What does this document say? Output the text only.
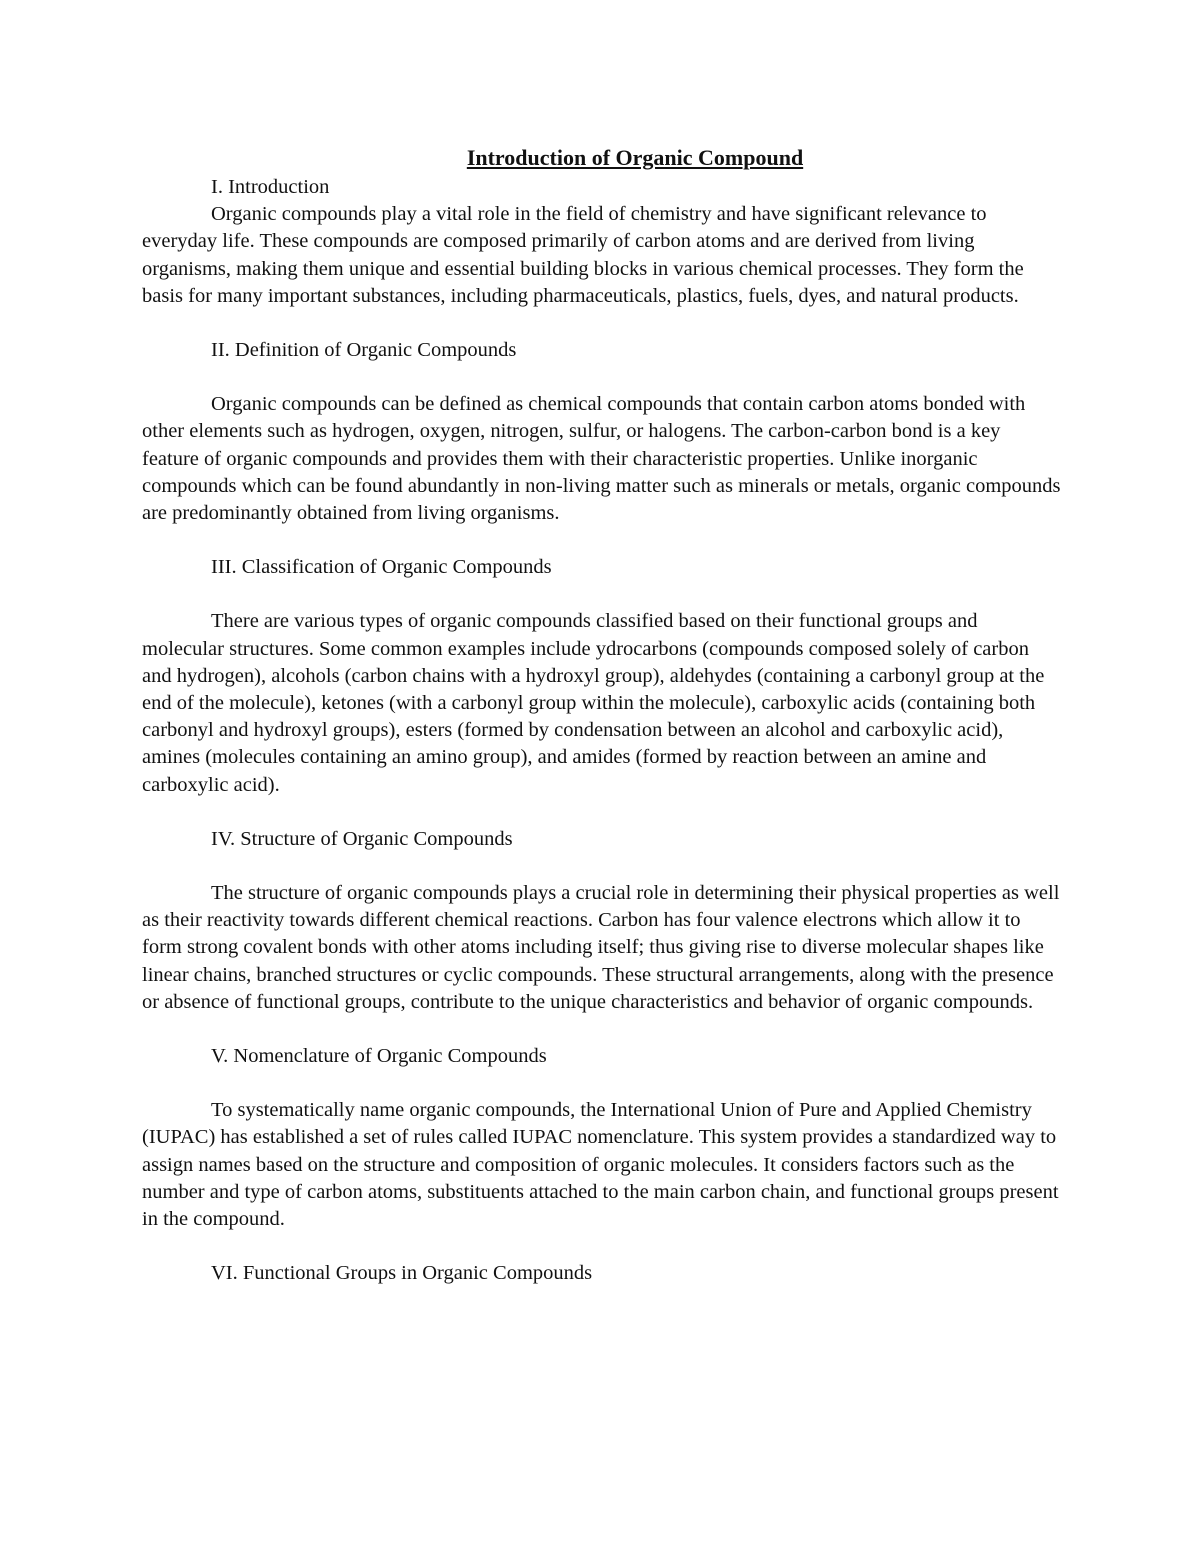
Introduction of Organic Compound

I. Introduction

Organic compounds play a vital role in the field of chemistry and have significant relevance to everyday life. These compounds are composed primarily of carbon atoms and are derived from living organisms, making them unique and essential building blocks in various chemical processes. They form the basis for many important substances, including pharmaceuticals, plastics, fuels, dyes, and natural products.

II. Definition of Organic Compounds

Organic compounds can be defined as chemical compounds that contain carbon atoms bonded with other elements such as hydrogen, oxygen, nitrogen, sulfur, or halogens. The carbon-carbon bond is a key feature of organic compounds and provides them with their characteristic properties. Unlike inorganic compounds which can be found abundantly in non-living matter such as minerals or metals, organic compounds are predominantly obtained from living organisms.

III. Classification of Organic Compounds

There are various types of organic compounds classified based on their functional groups and molecular structures. Some common examples include ydrocarbons (compounds composed solely of carbon and hydrogen), alcohols (carbon chains with a hydroxyl group), aldehydes (containing a carbonyl group at the end of the molecule), ketones (with a carbonyl group within the molecule), carboxylic acids (containing both carbonyl and hydroxyl groups), esters (formed by condensation between an alcohol and carboxylic acid), amines (molecules containing an amino group), and amides (formed by reaction between an amine and carboxylic acid).

IV. Structure of Organic Compounds

The structure of organic compounds plays a crucial role in determining their physical properties as well as their reactivity towards different chemical reactions. Carbon has four valence electrons which allow it to form strong covalent bonds with other atoms including itself; thus giving rise to diverse molecular shapes like linear chains, branched structures or cyclic compounds. These structural arrangements, along with the presence or absence of functional groups, contribute to the unique characteristics and behavior of organic compounds.

V. Nomenclature of Organic Compounds

To systematically name organic compounds, the International Union of Pure and Applied Chemistry (IUPAC) has established a set of rules called IUPAC nomenclature. This system provides a standardized way to assign names based on the structure and composition of organic molecules. It considers factors such as the number and type of carbon atoms, substituents attached to the main carbon chain, and functional groups present in the compound.

VI. Functional Groups in Organic Compounds
